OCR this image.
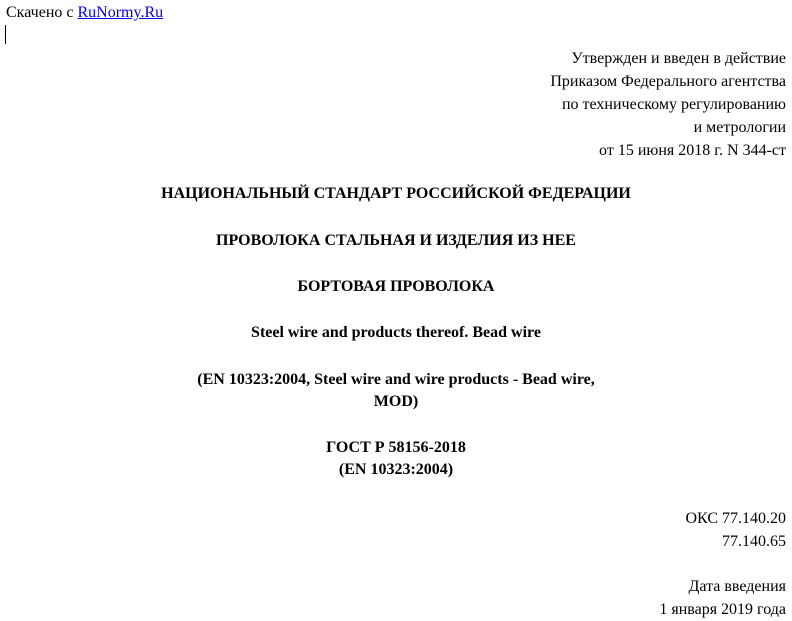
Скачено с RuNormy.Ru
Утвержден и введен в действие
Приказом Федерального агентства
по техническому регулированию
и метрологии
от 15 июня 2018 г. N 344-ст
НАЦИОНАЛЬНЫЙ СТАНДАРТ РОССИЙСКОЙ ФЕДЕРАЦИИ
ПРОВОЛОКА СТАЛЬНАЯ И ИЗДЕЛИЯ ИЗ НЕЕ
БОРТОВАЯ ПРОВОЛОКА
Steel wire and products thereof. Bead wire
(EN 10323:2004, Steel wire and wire products - Bead wire,
MOD)
ГОСТ Р 58156-2018
(EN 10323:2004)
ОКС 77.140.20
77.140.65
Дата введения
1 января 2019 года
